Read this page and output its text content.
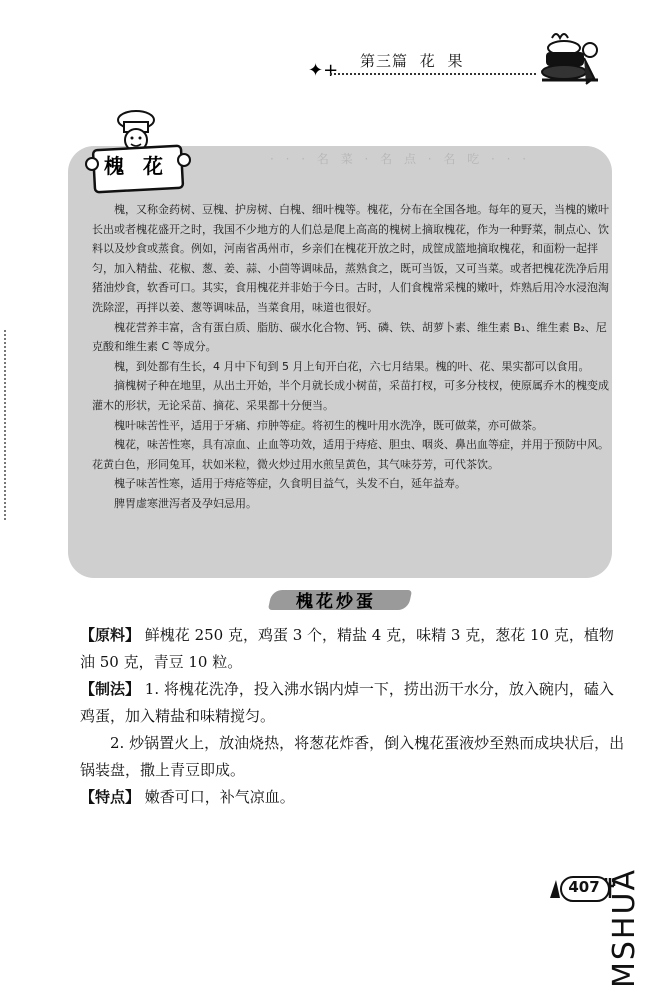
✦+ 第三篇 花 果
· · · 名 菜 · 名 点 · 名 吃 · · ·
槐 花

槐，又称金药树、豆槐、护房树、白槐、细叶槐等。槐花，分布在全国各地。每年的夏天，当槐的嫩叶长出或者槐花盛开之时，我国不少地方的人们总是爬上高高的槐树上摘取槐花，作为一种野菜，制点心、饮料以及炒食或蒸食。例如，河南省禹州市，乡亲们在槐花开放之时，成筐成篮地摘取槐花，和面粉一起拌匀，加入精盐、花椒、葱、姜、蒜、小茴等调味品，蒸熟食之，既可当饭，又可当菜。或者把槐花洗净后用猪油炒食，软香可口。其实，食用槐花并非始于今日。古时，人们食槐常采槐的嫩叶，炸熟后用冷水浸泡淘洗除涩，再拌以姜、葱等调味品，当菜食用，味道也很好。

槐花营养丰富，含有蛋白质、脂肪、碳水化合物、钙、磷、铁、胡萝卜素、维生素 B₁、维生素 B₂、尼克酸和维生素 C 等成分。

槐，到处都有生长，4 月中下旬到 5 月上旬开白花，六七月结果。槐的叶、花、果实都可以食用。

摘槐树子种在地里，从出土开始，半个月就长成小树苗，采苗打杈，可多分枝杈，使原属乔木的槐变成灌木的形状，无论采苗、摘花、采果都十分便当。

槐叶味苦性平，适用于牙痛、疖肿等症。将初生的槐叶用水洗净，既可做菜，亦可做茶。

槐花，味苦性寒，具有凉血、止血等功效，适用于痔疮、胆虫、咽炎、鼻出血等症，并用于预防中风。花黄白色，形同兔耳，状如米粒，微火炒过用水煎呈黄色，其气味芬芳，可代茶饮。

槐子味苦性寒，适用于痔疮等症，久食明目益气，头发不白，延年益寿。

脾胃虚寒泄泻者及孕妇忌用。

槐花炒蛋

【原料】 鲜槐花 250 克，鸡蛋 3 个，精盐 4 克，味精 3 克，葱花 10 克，植物油 50 克，青豆 10 粒。

【制法】 1. 将槐花洗净，投入沸水锅内焯一下，捞出沥干水分，放入碗内，磕入鸡蛋，加入精盐和味精搅匀。

2. 炒锅置火上，放油烧热，将葱花炸香，倒入槐花蛋液炒至熟而成块状后，出锅装盘，撒上青豆即成。

【特点】 嫩香可口，补气凉血。

407 MSHUA
